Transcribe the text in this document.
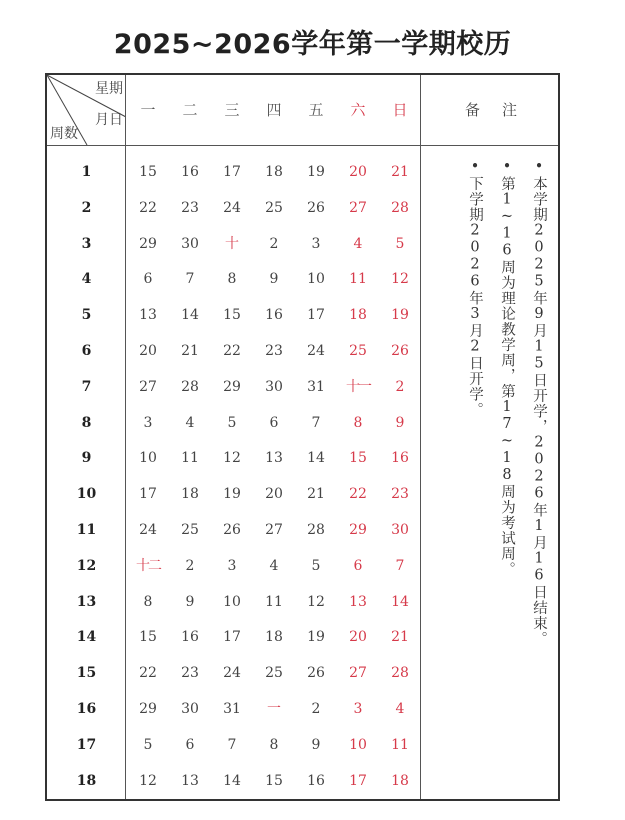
2025~2026学年第一学期校历
星期
月日
周数
一	二	三	四	五	六	日	备注
1	15	16	17	18	19	20	21
2	22	23	24	25	26	27	28
3	29	30	十	2	3	4	5
4	6	7	8	9	10	11	12
5	13	14	15	16	17	18	19
6	20	21	22	23	24	25	26
7	27	28	29	30	31	十一	2
8	3	4	5	6	7	8	9
9	10	11	12	13	14	15	16
10	17	18	19	20	21	22	23
11	24	25	26	27	28	29	30
12	十二	2	3	4	5	6	7
13	8	9	10	11	12	13	14
14	15	16	17	18	19	20	21
15	22	23	24	25	26	27	28
16	29	30	31	一	2	3	4
17	5	6	7	8	9	10	11
18	12	13	14	15	16	17	18
• 本学期2025年9月15日开学，2026年1月16日结束。
• 第1~16周为理论教学周，第17~18周为考试周。
• 下学期2026年3月2日开学。
